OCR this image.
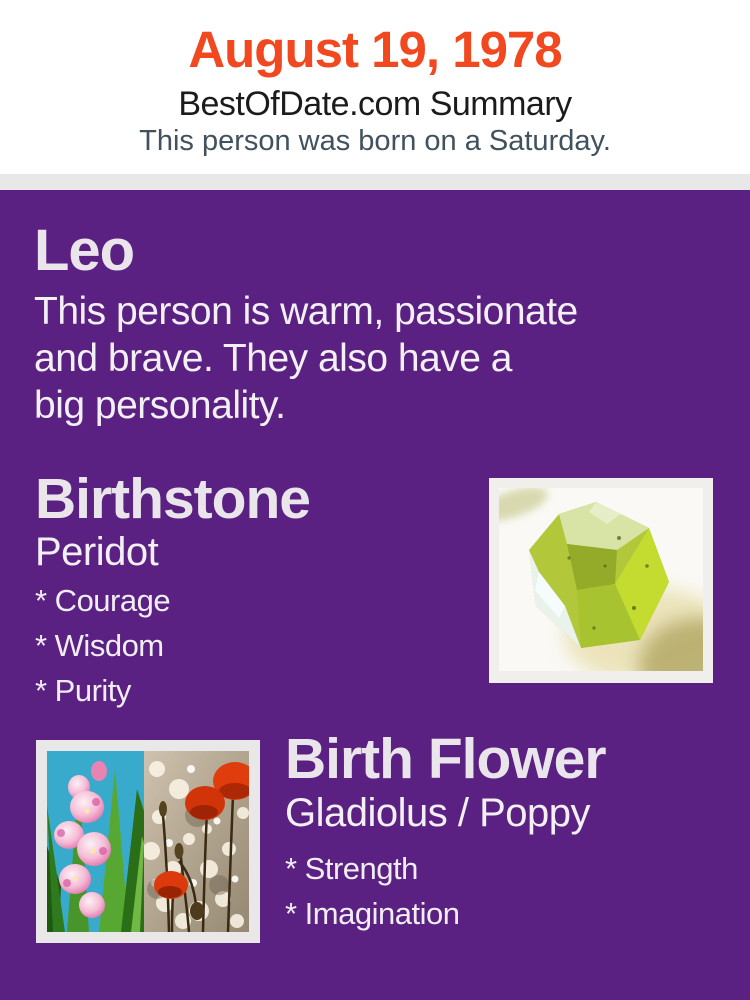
August 19, 1978
BestOfDate.com Summary

This person was born on a Saturday.

Leo

This person is warm, passionate
and brave. They also have a
big personality.

Birthstone
Peridot
* Courage
* Wisdom
* Purity
Birth Flower
Gladiolus / Poppy
* Strength
* Imagination
